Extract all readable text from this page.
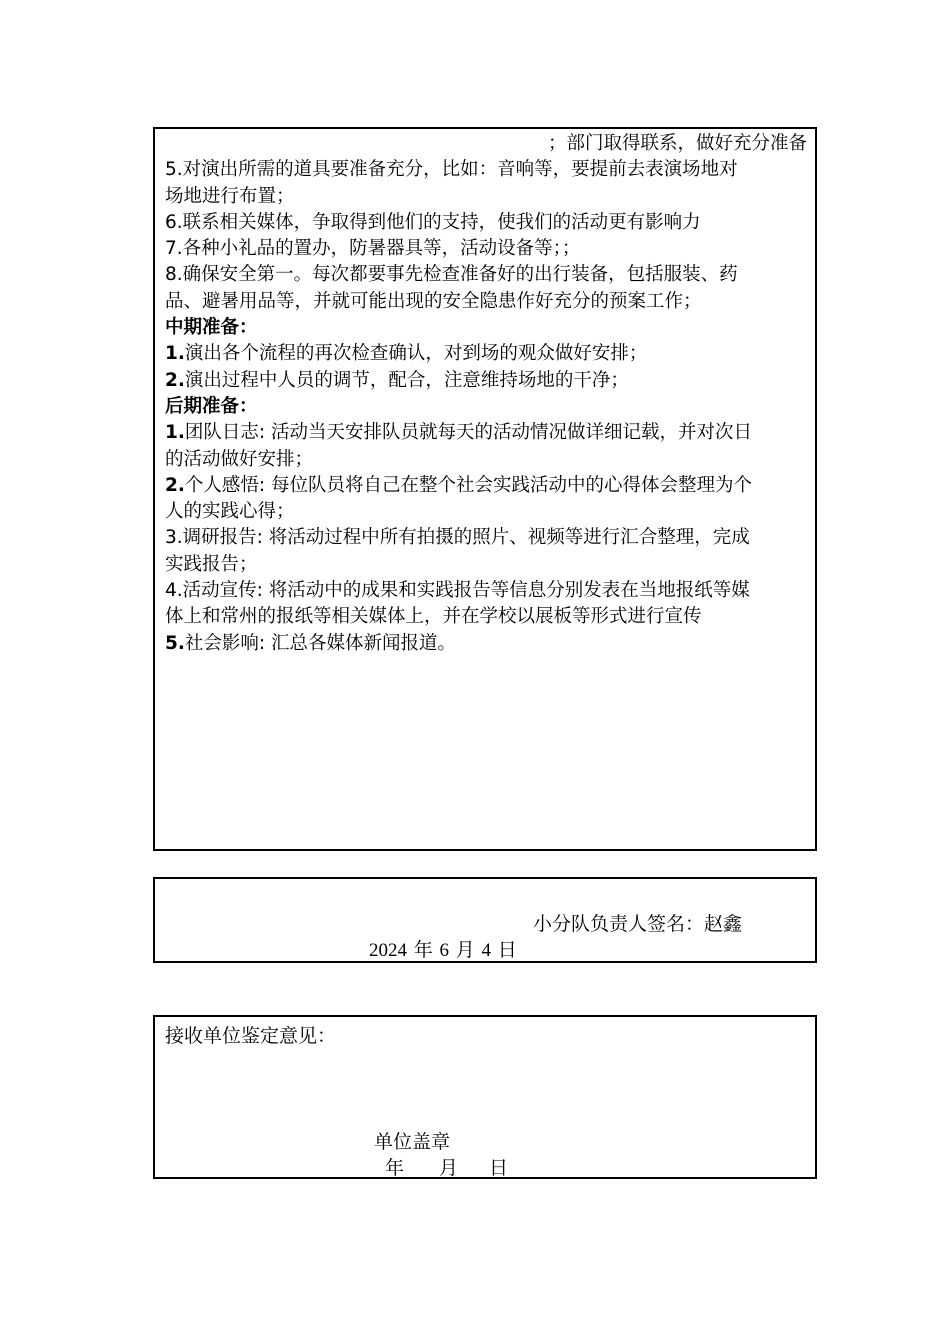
；部门取得联系，做好充分准备
5.对演出所需的道具要准备充分，比如：音响等，要提前去表演场地对
场地进行布置；
6.联系相关媒体，争取得到他们的支持，使我们的活动更有影响力
7.各种小礼品的置办，防暑器具等，活动设备等；；
8.确保安全第一。每次都要事先检查准备好的出行装备，包括服装、药
品、避暑用品等，并就可能出现的安全隐患作好充分的预案工作；
中期准备：
1.演出各个流程的再次检查确认，对到场的观众做好安排；
2.演出过程中人员的调节，配合，注意维持场地的干净；
后期准备：
1.团队日志: 活动当天安排队员就每天的活动情况做详细记载，并对次日
的活动做好安排；
2.个人感悟: 每位队员将自己在整个社会实践活动中的心得体会整理为个
人的实践心得；
3.调研报告: 将活动过程中所有拍摄的照片、视频等进行汇合整理，完成
实践报告；
4.活动宣传: 将活动中的成果和实践报告等信息分别发表在当地报纸等媒
体上和常州的报纸等相关媒体上，并在学校以展板等形式进行宣传
5.社会影响: 汇总各媒体新闻报道。
小分队负责人签名：赵鑫
2024 年 6 月 4 日
接收单位鉴定意见：
单位盖章
年 月 日
